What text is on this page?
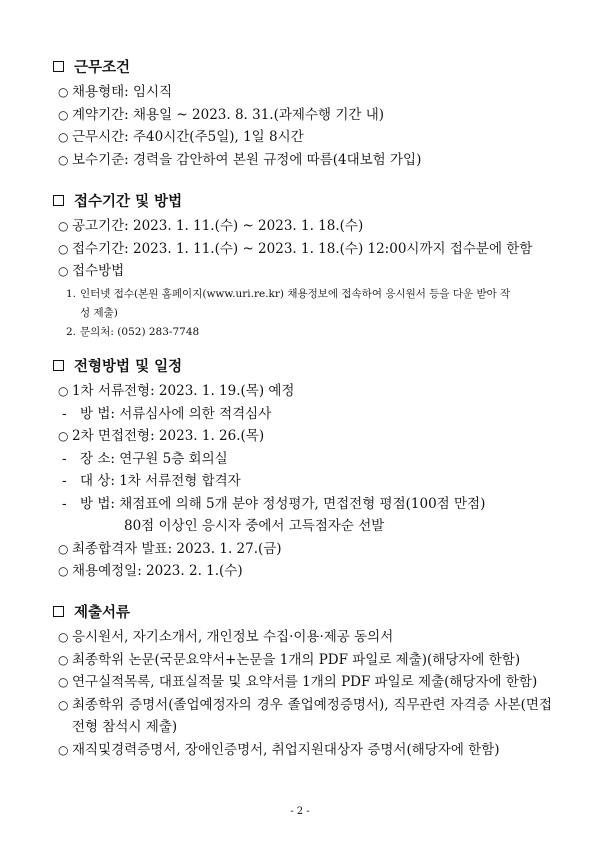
근무조건
○ 채용형태: 임시직
○ 계약기간: 채용일 ~ 2023. 8. 31.(과제수행 기간 내)
○ 근무시간: 주40시간(주5일), 1일 8시간
○ 보수기준: 경력을 감안하여 본원 규정에 따름(4대보험 가입)
접수기간 및 방법
○ 공고기간: 2023. 1. 11.(수) ~ 2023. 1. 18.(수)
○ 접수기간: 2023. 1. 11.(수) ~ 2023. 1. 18.(수) 12:00시까지 접수분에 한함
○ 접수방법
1. 인터넷 접수(본원 홈페이지(www.uri.re.kr) 채용정보에 접속하여 응시원서 등을 다운 받아 작성 제출)
2. 문의처: (052) 283-7748
전형방법 및 일정
○ 1차 서류전형: 2023. 1. 19.(목) 예정
- 방 법: 서류심사에 의한 적격심사
○ 2차 면접전형: 2023. 1. 26.(목)
- 장 소: 연구원 5층 회의실
- 대 상: 1차 서류전형 합격자
- 방 법: 채점표에 의해 5개 분야 정성평가, 면접전형 평점(100점 만점)
80점 이상인 응시자 중에서 고득점자순 선발
○ 최종합격자 발표: 2023. 1. 27.(금)
○ 채용예정일: 2023. 2. 1.(수)
제출서류
○ 응시원서, 자기소개서, 개인정보 수집·이용·제공 동의서
○ 최종학위 논문(국문요약서+논문을 1개의 PDF 파일로 제출)(해당자에 한함)
○ 연구실적목록, 대표실적물 및 요약서를 1개의 PDF 파일로 제출(해당자에 한함)
○ 최종학위 증명서(졸업예정자의 경우 졸업예정증명서), 직무관련 자격증 사본(면접전형 참석시 제출)
○ 재직및경력증명서, 장애인증명서, 취업지원대상자 증명서(해당자에 한함)
- 2 -
